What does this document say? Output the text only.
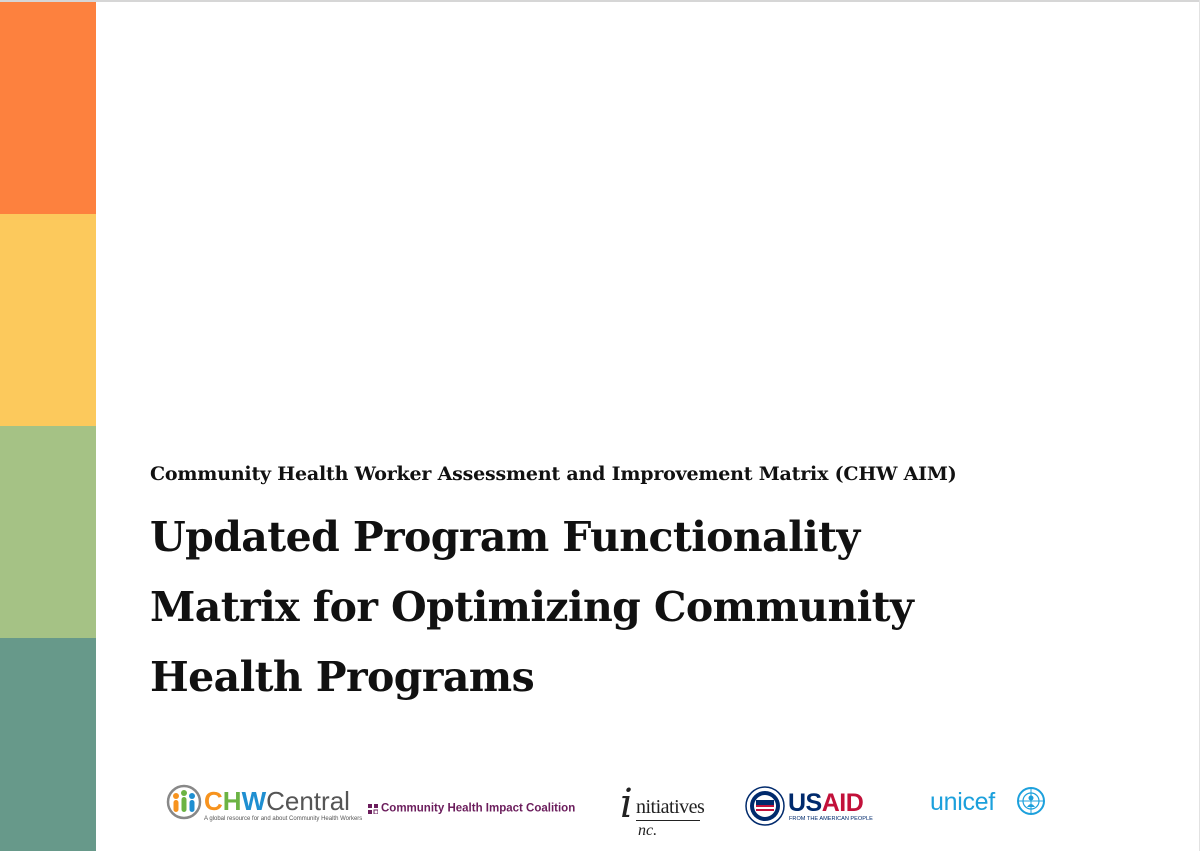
Community Health Worker Assessment and Improvement Matrix (CHW AIM)
Updated Program Functionality
Matrix for Optimizing Community
Health Programs
CHWCentral
A global resource for and about Community Health Workers
Community Health Impact Coalition i nitiatives
nc.
USAID
FROM THE AMERICAN PEOPLE
unicef
